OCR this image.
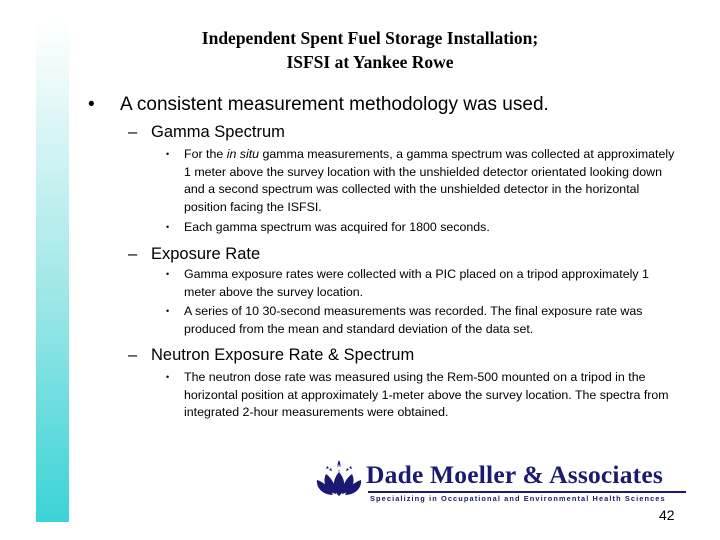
Independent Spent Fuel Storage Installation;
ISFSI at Yankee Rowe
• A consistent measurement methodology was used.
– Gamma Spectrum
• For the in situ gamma measurements, a gamma spectrum was collected at approximately 1 meter above the survey location with the unshielded detector orientated looking down and a second spectrum was collected with the unshielded detector in the horizontal position facing the ISFSI.
• Each gamma spectrum was acquired for 1800 seconds.
– Exposure Rate
• Gamma exposure rates were collected with a PIC placed on a tripod approximately 1 meter above the survey location.
• A series of 10 30-second measurements was recorded. The final exposure rate was produced from the mean and standard deviation of the data set.
– Neutron Exposure Rate & Spectrum
• The neutron dose rate was measured using the Rem-500 mounted on a tripod in the horizontal position at approximately 1-meter above the survey location. The spectra from integrated 2-hour measurements were obtained.
Dade Moeller & Associates
Specializing in Occupational and Environmental Health Sciences
42
